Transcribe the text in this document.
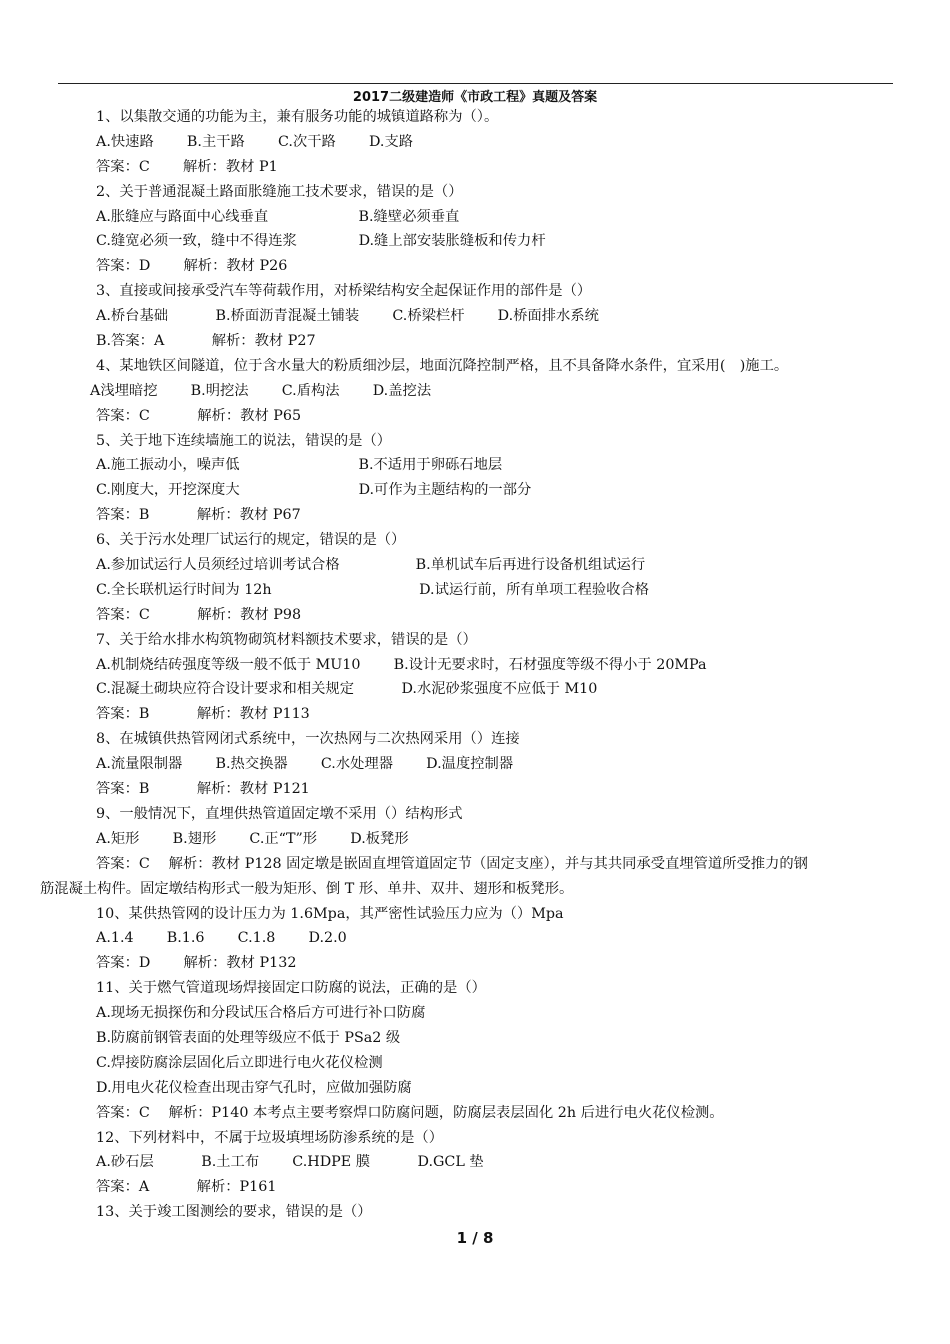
2017二级建造师《市政工程》真题及答案
1、以集散交通的功能为主，兼有服务功能的城镇道路称为（）。
A.快速路　　 B.主干路　　 C.次干路　　 D.支路
答案：C　　 解析：教材 P1
2、关于普通混凝土路面胀缝施工技术要求，错误的是（）
A.胀缝应与路面中心线垂直　　　　　　 B.缝壁必须垂直
C.缝宽必须一致，缝中不得连浆　　　　 D.缝上部安装胀缝板和传力杆
答案：D　　 解析：教材 P26
3、直接或间接承受汽车等荷载作用，对桥梁结构安全起保证作用的部件是（）
A.桥台基础　　　 B.桥面沥青混凝土铺装　　 C.桥梁栏杆　　 D.桥面排水系统
B.答案：A　　　 解析：教材 P27
4、某地铁区间隧道，位于含水量大的粉质细沙层，地面沉降控制严格，且不具备降水条件，宜采用(　)施工。
A浅埋暗挖　　 B.明挖法　　 C.盾构法　　 D.盖挖法
答案：C　　　 解析：教材 P65
5、关于地下连续墙施工的说法，错误的是（）
A.施工振动小，噪声低　　　　　　　　 B.不适用于卵砾石地层
C.刚度大，开挖深度大　　　　　　　　 D.可作为主题结构的一部分
答案：B　　　 解析：教材 P67
6、关于污水处理厂试运行的规定，错误的是（）
A.参加试运行人员须经过培训考试合格　　　　　 B.单机试车后再进行设备机组试运行
C.全长联机运行时间为 12h　　　　　　　　　　 D.试运行前，所有单项工程验收合格
答案：C　　　 解析：教材 P98
7、关于给水排水构筑物砌筑材料额技术要求，错误的是（）
A.机制烧结砖强度等级一般不低于 MU10　　 B.设计无要求时，石材强度等级不得小于 20MPa
C.混凝土砌块应符合设计要求和相关规定　　　 D.水泥砂浆强度不应低于 M10
答案：B　　　 解析：教材 P113
8、在城镇供热管网闭式系统中，一次热网与二次热网采用（）连接
A.流量限制器　　 B.热交换器　　 C.水处理器　　 D.温度控制器
答案：B　　　 解析：教材 P121
9、一般情况下，直埋供热管道固定墩不采用（）结构形式
A.矩形　　 B.翅形　　 C.正“T”形　　 D.板凳形
答案：C　 解析：教材 P128 固定墩是嵌固直埋管道固定节（固定支座），并与其共同承受直埋管道所受推力的钢
筋混凝土构件。固定墩结构形式一般为矩形、倒 T 形、单井、双井、翅形和板凳形。
10、某供热管网的设计压力为 1.6Mpa，其严密性试验压力应为（）Mpa
A.1.4　　 B.1.6　　 C.1.8　　 D.2.0
答案：D　　 解析：教材 P132
11、关于燃气管道现场焊接固定口防腐的说法，正确的是（）
A.现场无损探伤和分段试压合格后方可进行补口防腐
B.防腐前钢管表面的处理等级应不低于 PSa2 级
C.焊接防腐涂层固化后立即进行电火花仪检测
D.用电火花仪检查出现击穿气孔时，应做加强防腐
答案：C　 解析：P140 本考点主要考察焊口防腐问题，防腐层表层固化 2h 后进行电火花仪检测。
12、下列材料中，不属于垃圾填埋场防渗系统的是（）
A.砂石层　　　 B.土工布　　 C.HDPE 膜　　　 D.GCL 垫
答案：A　　　 解析：P161
13、关于竣工图测绘的要求，错误的是（）
1 / 8
